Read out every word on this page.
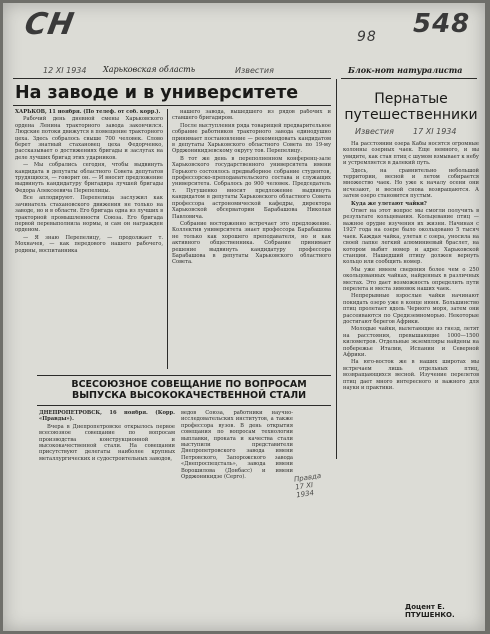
СН	98 548
12 XI 1934 Харьковская область	Известия	Блок-нот натуралиста
На заводе и в университете

ХАРЬКОВ, 11 ноября. (По телеф. от соб. корр.).

Рабочий день дневной смены Харьковского ордена Ленина тракторного завода закончился. Людские потоки движутся в помещение тракторного цеха. Здесь собралось свыше 700 человек. Слово берет знатный стахановец цеха Федорченко, рассказывает о достижениях бригады и заслугах на деле лучших бригад этих ударников.

— Мы собрались сегодня, чтобы выдвинуть кандидата в депутаты областного Совета депутатов трудящихся, — говорит он. — И вносит предложение выдвинуть кандидатуру бригадира лучшей бригады Федора Алексеевича Перепелицы.

Все аплодируют. Перепелица заслужил как зачинатель стахановского движения не только на заводе, но и в области. Его бригада одна из лучших в тракторной промышленности Союза. Его бригада первой перевыполнила нормы, и сам он награжден орденом.

— Я знаю Перепелицу, — продолжает т. Мохначев, — как передового нашего рабочего, родины, воспитанника

нашего завода, вышедшего из рядов рабочих и ставшего бригадиром.

После выступления ряда товарищей предварительное собрание работников тракторного завода единодушно принимает постановление — рекомендовать кандидатом в депутаты Харьковского областного Совета по 19-му Орджоникидзевскому округу тов. Перепелицу.

В тот же день в переполненном конференц-зале Харьковского государственного университета имени Горького состоялось предвыборное собрание студентов, профессорско-преподавательского состава и служащих университета. Собралось до 900 человек. Председатель т. Пугушенко вносит предложение выдвинуть кандидатом в депутаты Харьковского областного Совета профессора астрономической кафедры, директора Харьковской обсерватории Барабашова Николая Павловича.

Собрание восторженно встречает это предложение. Коллектив университета знает профессора Барабашова не только как хорошего преподавателя, но и как активного общественника. Собрание принимает решение выдвинуть кандидатуру профессора Барабашова в депутаты Харьковского областного Совета.

Пернатые путешественники
Известия 17 XI 1934

На расстоянии озера Кабы носятся огромные колонны озерных чаек. Еще немного, и вы увидите, как стая птиц с шумом взмывает к небу и устремляется в далекий путь.

Здесь, на сравнительно небольшой территории, весной и летом собирается множество чаек. Но уже к началу осени они исчезают, и весной снова возвращаются. А затем озеро становится пустым.

Куда же улетают чайки?

Ответ на этот вопрос мы смогли получить в результате кольцевания. Кольцевание птиц — важное орудие изучения их жизни. Начиная с 1927 года на озере было окольцовано 5 тысяч чаек. Каждая чайка, улетая с озера, уносила на своей лапке легкий алюминиевый браслет, на котором выбит номер и адрес Харьковской станции. Нашедший птицу должен вернуть кольцо или сообщить номер.

Мы уже имеем сведения более чем о 250 окольцованных чайках, найденных в различных местах. Это дает возможность определить пути перелета и места зимовок наших чаек.

Непрерывные взрослые чайки начинают покидать озеро уже в конце июня. Большинство птиц пролетает вдоль Черного моря, затем они рассеиваются по Средиземноморью. Некоторые достигают берегов Африки.

Молодые чайки, вылетающие из гнезд, летят на расстояния, превышающие 1000—1500 километров. Отдельные экземпляры найдены на побережье Италии, Испании и Северной Африки.

На юго-восток же в наших широтах мы встречаем лишь отдельных птиц, возвращающихся весной. Изучение перелетов птиц дает много интересного и важного для науки и практики.

Доцент Е. ПТУШЕНКО.
ВСЕСОЮЗНОЕ СОВЕЩАНИЕ ПО ВОПРОСАМ ВЫПУСКА ВЫСОКОКАЧЕСТВЕННОЙ СТАЛИ

ДНЕПРОПЕТРОВСК, 16 ноября. (Корр. «Правды»).

Вчера в Днепропетровске открылось первое всесоюзное совещание по вопросам производства конструкционной и высококачественной стали. На совещании присутствуют делегаты наиболее крупных металлургических и судостроительных заводов,

ведов Союза, работники научно-исследовательских институтов, а также профессора вузов. В день открытия совещания по вопросам технологии выплавки, проката и качества стали выступили представители Днепропетровского завода имени Петровского, Запорожского завода «Днепроспецсталь», завода имени Ворошилова (Донбасс) и имени Орджоникидзе (Серго).	Правда 17 XI 1934
